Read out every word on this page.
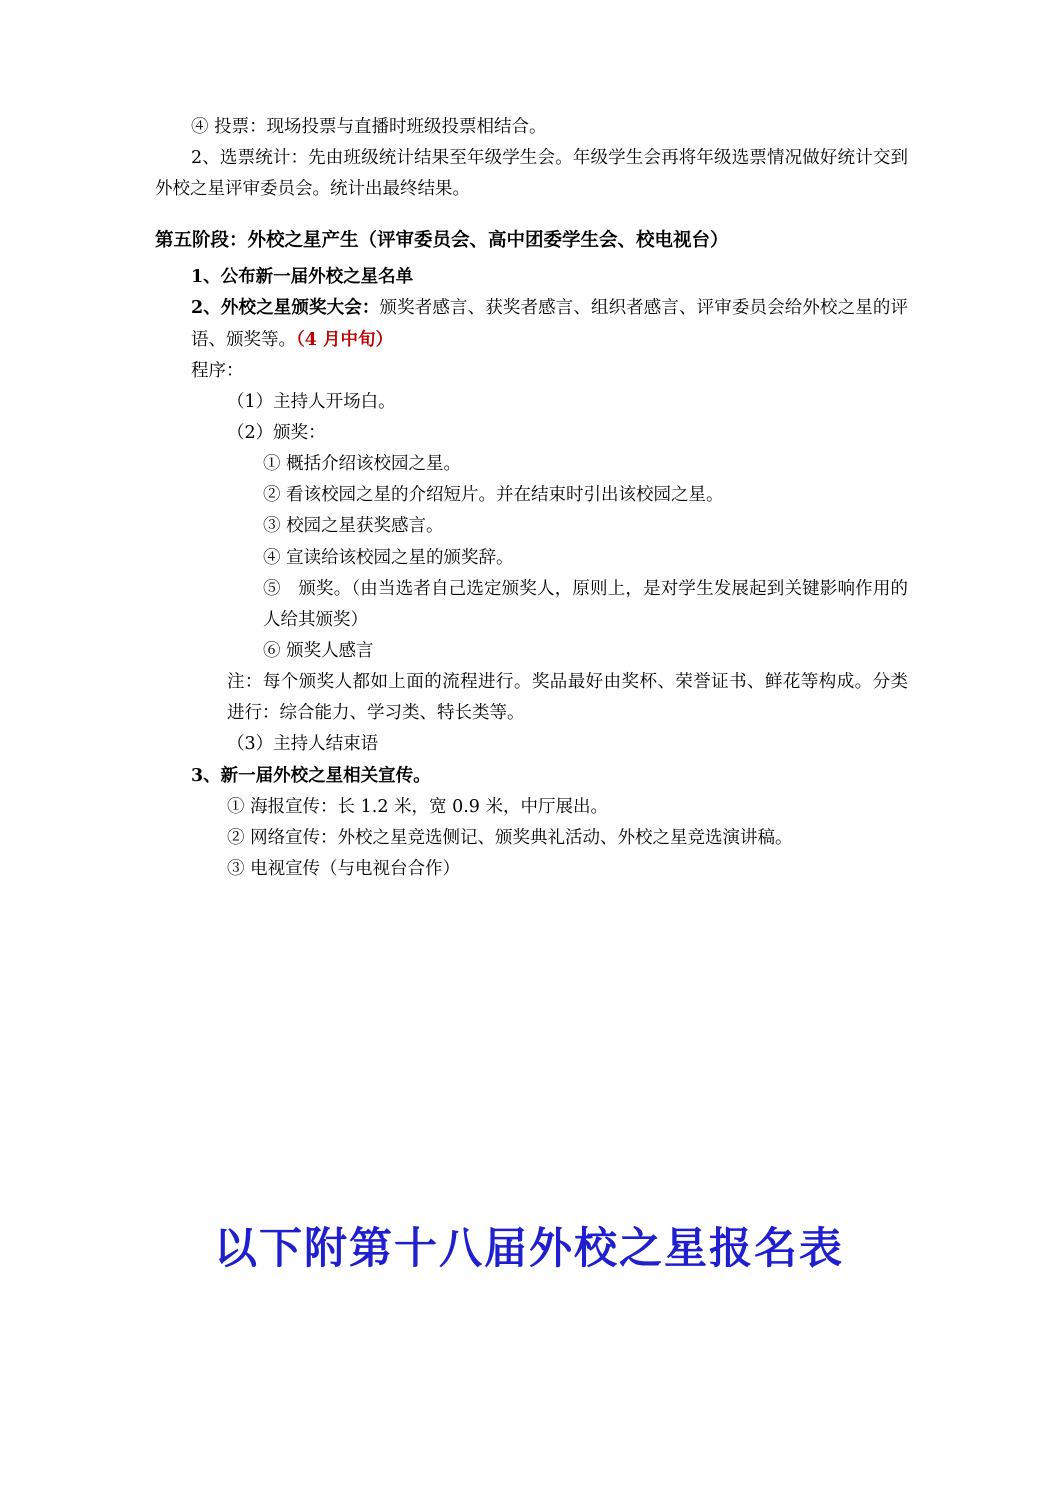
④ 投票：现场投票与直播时班级投票相结合。

2、选票统计：先由班级统计结果至年级学生会。年级学生会再将年级选票情况做好统计交到外校之星评审委员会。统计出最终结果。

第五阶段：外校之星产生（评审委员会、高中团委学生会、校电视台）

1、公布新一届外校之星名单

2、外校之星颁奖大会：颁奖者感言、获奖者感言、组织者感言、评审委员会给外校之星的评语、颁奖等。（4 月中旬）

程序：

（1）主持人开场白。

（2）颁奖：

① 概括介绍该校园之星。

② 看该校园之星的介绍短片。并在结束时引出该校园之星。

③ 校园之星获奖感言。

④ 宣读给该校园之星的颁奖辞。

⑤　颁奖。（由当选者自己选定颁奖人，原则上，是对学生发展起到关键影响作用的人给其颁奖）

⑥ 颁奖人感言

注：每个颁奖人都如上面的流程进行。奖品最好由奖杯、荣誉证书、鲜花等构成。分类进行：综合能力、学习类、特长类等。

（3）主持人结束语

3、新一届外校之星相关宣传。

① 海报宣传：长 1.2 米，宽 0.9 米，中厅展出。

② 网络宣传：外校之星竞选侧记、颁奖典礼活动、外校之星竞选演讲稿。

③ 电视宣传（与电视台合作）

以下附第十八届外校之星报名表
